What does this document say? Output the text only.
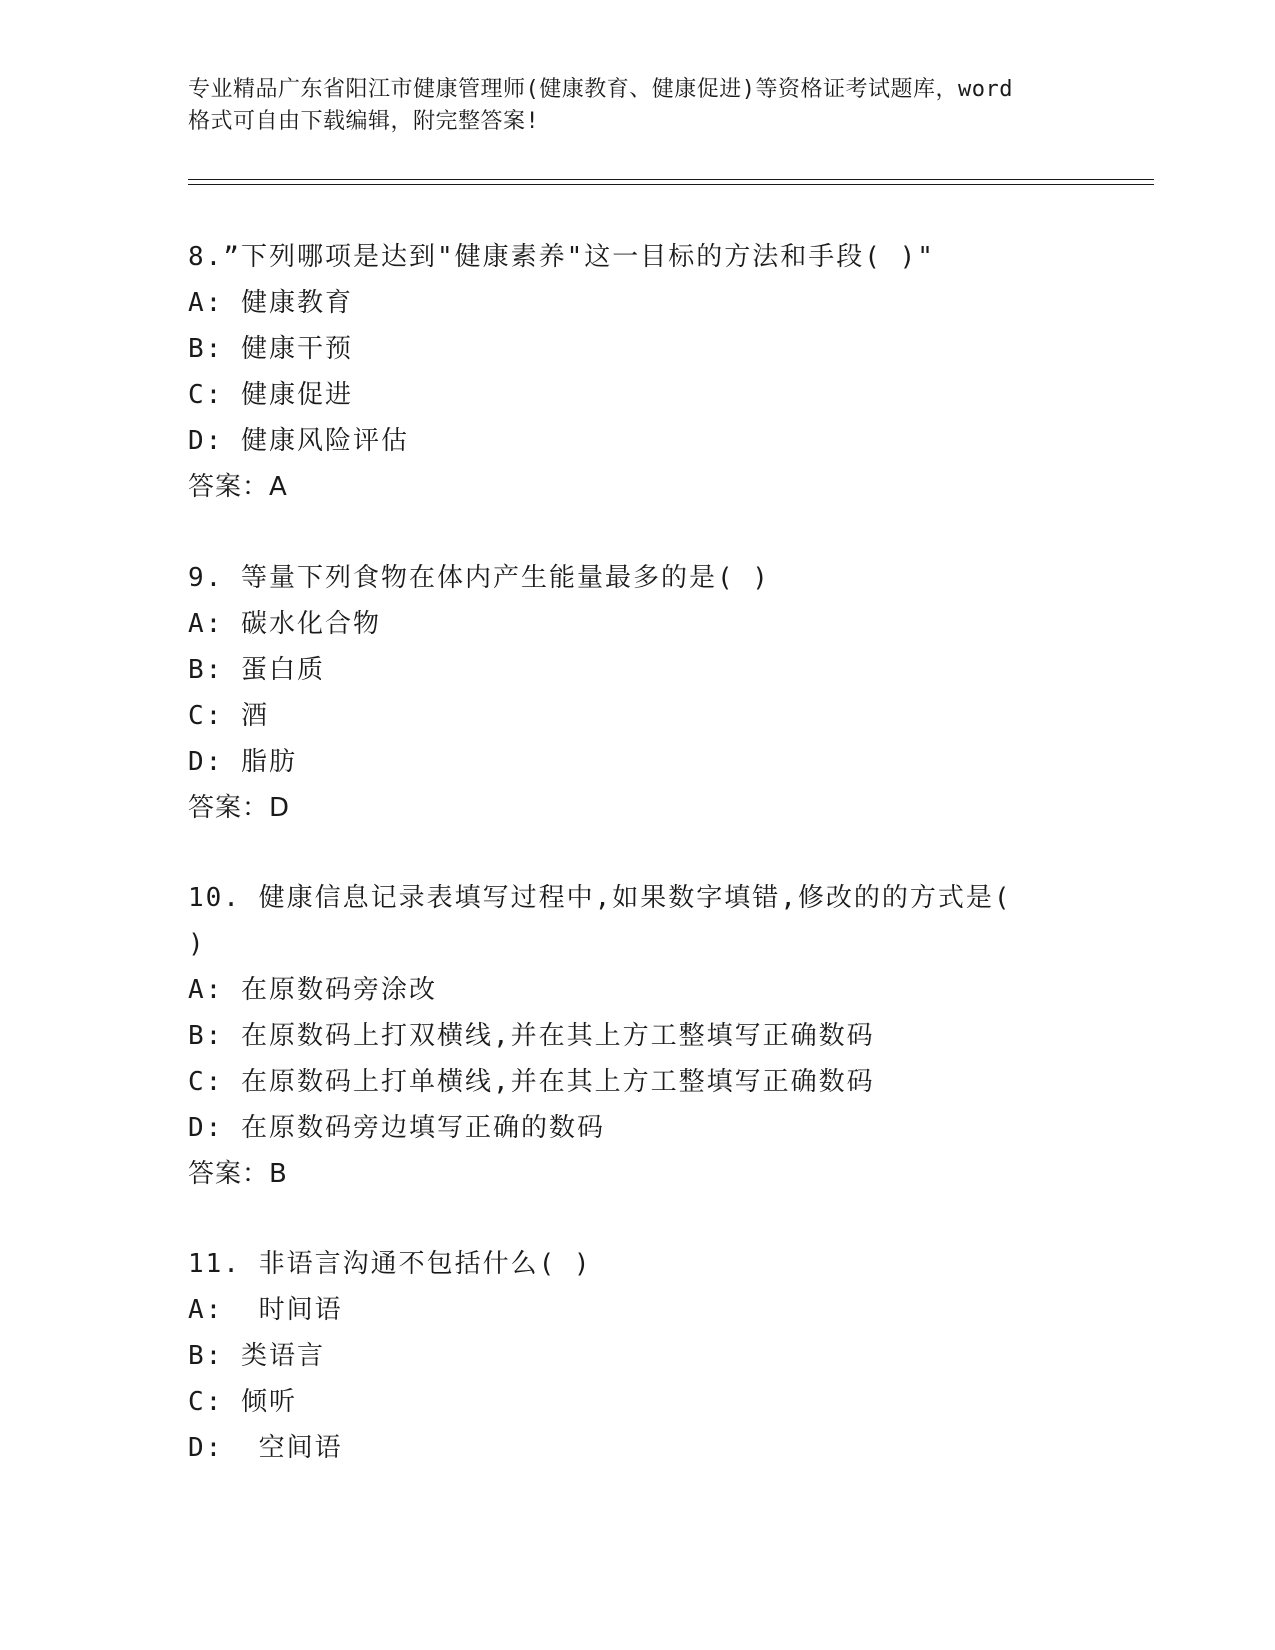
专业精品广东省阳江市健康管理师(健康教育、健康促进)等资格证考试题库，word
格式可自由下载编辑，附完整答案!

8.”下列哪项是达到"健康素养"这一目标的方法和手段( )"

A: 健康教育

B: 健康干预

C: 健康促进

D: 健康风险评估

答案：A

9. 等量下列食物在体内产生能量最多的是( )

A: 碳水化合物

B: 蛋白质

C: 酒

D: 脂肪

答案：D

10. 健康信息记录表填写过程中,如果数字填错,修改的的方式是(

)

A: 在原数码旁涂改

B: 在原数码上打双横线,并在其上方工整填写正确数码

C: 在原数码上打单横线,并在其上方工整填写正确数码

D: 在原数码旁边填写正确的数码

答案：B

11. 非语言沟通不包括什么( )

A:  时间语

B: 类语言

C: 倾听

D:  空间语
